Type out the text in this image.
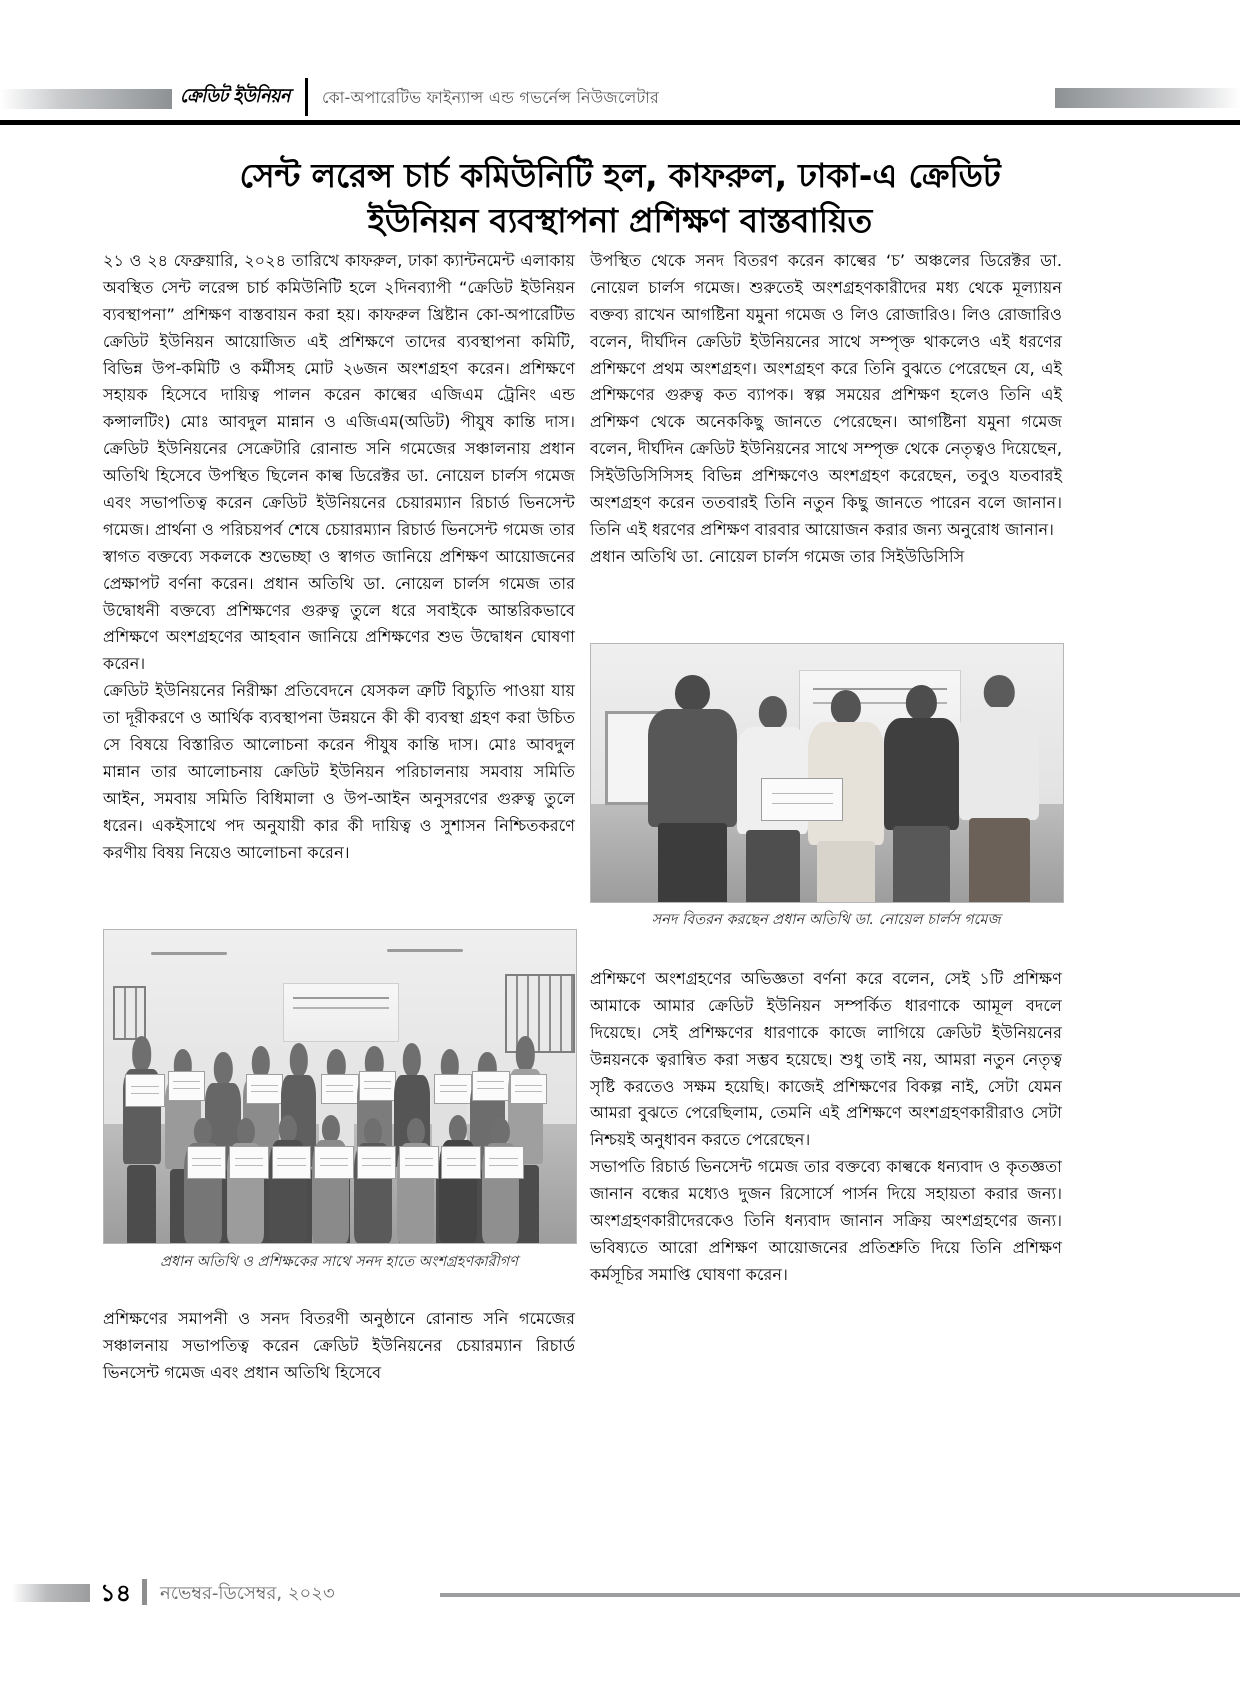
ক্রেডিট ইউনিয়ন কো-অপারেটিভ ফাইন্যান্স এন্ড গভর্নেন্স নিউজলেটার
সেন্ট লরেন্স চার্চ কমিউনিটি হল, কাফরুল, ঢাকা-এ ক্রেডিট
ইউনিয়ন ব্যবস্থাপনা প্রশিক্ষণ বাস্তবায়িত

২১ ও ২৪ ফেব্রুয়ারি, ২০২৪ তারিখে কাফরুল, ঢাকা ক্যান্টনমেন্ট এলাকায় অবস্থিত সেন্ট লরেন্স চার্চ কমিউনিটি হলে ২দিনব্যাপী “ক্রেডিট ইউনিয়ন ব্যবস্থাপনা” প্রশিক্ষণ বাস্তবায়ন করা হয়। কাফরুল খ্রিষ্টান কো-অপারেটিভ ক্রেডিট ইউনিয়ন আয়োজিত এই প্রশিক্ষণে তাদের ব্যবস্থাপনা কমিটি, বিভিন্ন উপ-কমিটি ও কর্মীসহ মোট ২৬জন অংশগ্রহণ করেন। প্রশিক্ষণে সহায়ক হিসেবে দায়িত্ব পালন করেন কাল্বের এজিএম ট্রেনিং এন্ড কন্সালটিং) মোঃ আবদুল মান্নান ও এজিএম(অডিট) পীযুষ কান্তি দাস। ক্রেডিট ইউনিয়নের সেক্রেটারি রোনান্ড সনি গমেজের সঞ্চালনায় প্রধান অতিথি হিসেবে উপস্থিত ছিলেন কাল্ব ডিরেক্টর ডা. নোয়েল চার্লস গমেজ এবং সভাপতিত্ব করেন ক্রেডিট ইউনিয়নের চেয়ারম্যান রিচার্ড ভিনসেন্ট গমেজ। প্রার্থনা ও পরিচয়পর্ব শেষে চেয়ারম্যান রিচার্ড ভিনসেন্ট গমেজ তার স্বাগত বক্তব্যে সকলকে শুভেচ্ছা ও স্বাগত জানিয়ে প্রশিক্ষণ আয়োজনের প্রেক্ষাপট বর্ণনা করেন। প্রধান অতিথি ডা. নোয়েল চার্লস গমেজ তার উদ্বোধনী বক্তব্যে প্রশিক্ষণের গুরুত্ব তুলে ধরে সবাইকে আন্তরিকভাবে প্রশিক্ষণে অংশগ্রহণের আহবান জানিয়ে প্রশিক্ষণের শুভ উদ্বোধন ঘোষণা করেন।

ক্রেডিট ইউনিয়নের নিরীক্ষা প্রতিবেদনে যেসকল ত্রুটি বিচ্যুতি পাওয়া যায় তা দূরীকরণে ও আর্থিক ব্যবস্থাপনা উন্নয়নে কী কী ব্যবস্থা গ্রহণ করা উচিত সে বিষয়ে বিস্তারিত আলোচনা করেন পীযুষ কান্তি দাস। মোঃ আবদুল মান্নান তার আলোচনায় ক্রেডিট ইউনিয়ন পরিচালনায় সমবায় সমিতি আইন, সমবায় সমিতি বিধিমালা ও উপ-আইন অনুসরণের গুরুত্ব তুলে ধরেন। একইসাথে পদ অনুযায়ী কার কী দায়িত্ব ও সুশাসন নিশ্চিতকরণে করণীয় বিষয় নিয়েও আলোচনা করেন।

প্রধান অতিথি ও প্রশিক্ষকের সাথে সনদ হাতে অংশগ্রহণকারীগণ

প্রশিক্ষণের সমাপনী ও সনদ বিতরণী অনুষ্ঠানে রোনান্ড সনি গমেজের সঞ্চালনায় সভাপতিত্ব করেন ক্রেডিট ইউনিয়নের চেয়ারম্যান রিচার্ড ভিনসেন্ট গমেজ এবং প্রধান অতিথি হিসেবে

উপস্থিত থেকে সনদ বিতরণ করেন কাল্বের ‘চ’ অঞ্চলের ডিরেক্টর ডা. নোয়েল চার্লস গমেজ। শুরুতেই অংশগ্রহণকারীদের মধ্য থেকে মূল্যায়ন বক্তব্য রাখেন আগষ্টিনা যমুনা গমেজ ও লিও রোজারিও। লিও রোজারিও বলেন, দীর্ঘদিন ক্রেডিট ইউনিয়নের সাথে সম্পৃক্ত থাকলেও এই ধরণের প্রশিক্ষণে প্রথম অংশগ্রহণ। অংশগ্রহণ করে তিনি বুঝতে পেরেছেন যে, এই প্রশিক্ষণের গুরুত্ব কত ব্যাপক। স্বল্প সময়ের প্রশিক্ষণ হলেও তিনি এই প্রশিক্ষণ থেকে অনেককিছু জানতে পেরেছেন। আগষ্টিনা যমুনা গমেজ বলেন, দীর্ঘদিন ক্রেডিট ইউনিয়নের সাথে সম্পৃক্ত থেকে নেতৃত্বও দিয়েছেন, সিইউডিসিসিসহ বিভিন্ন প্রশিক্ষণেও অংশগ্রহণ করেছেন, তবুও যতবারই অংশগ্রহণ করেন ততবারই তিনি নতুন কিছু জানতে পারেন বলে জানান। তিনি এই ধরণের প্রশিক্ষণ বারবার আয়োজন করার জন্য অনুরোধ জানান।

প্রধান অতিথি ডা. নোয়েল চার্লস গমেজ তার সিইউডিসিসি

সনদ বিতরন করছেন প্রধান অতিথি ডা. নোয়েল চার্লস গমেজ

প্রশিক্ষণে অংশগ্রহণের অভিজ্ঞতা বর্ণনা করে বলেন, সেই ১টি প্রশিক্ষণ আমাকে আমার ক্রেডিট ইউনিয়ন সম্পর্কিত ধারণাকে আমূল বদলে দিয়েছে। সেই প্রশিক্ষণের ধারণাকে কাজে লাগিয়ে ক্রেডিট ইউনিয়নের উন্নয়নকে ত্বরান্বিত করা সম্ভব হয়েছে। শুধু তাই নয়, আমরা নতুন নেতৃত্ব সৃষ্টি করতেও সক্ষম হয়েছি। কাজেই প্রশিক্ষণের বিকল্প নাই, সেটা যেমন আমরা বুঝতে পেরেছিলাম, তেমনি এই প্রশিক্ষণে অংশগ্রহণকারীরাও সেটা নিশ্চয়ই অনুধাবন করতে পেরেছেন।

সভাপতি রিচার্ড ভিনসেন্ট গমেজ তার বক্তব্যে কাল্বকে ধন্যবাদ ও কৃতজ্ঞতা জানান বন্ধের মধ্যেও দুজন রিসোর্সে পার্সন দিয়ে সহায়তা করার জন্য। অংশগ্রহণকারীদেরকেও তিনি ধন্যবাদ জানান সক্রিয় অংশগ্রহণের জন্য। ভবিষ্যতে আরো প্রশিক্ষণ আয়োজনের প্রতিশ্রুতি দিয়ে তিনি প্রশিক্ষণ কর্মসূচির সমাপ্তি ঘোষণা করেন।

১৪ নভেম্বর-ডিসেম্বর, ২০২৩
